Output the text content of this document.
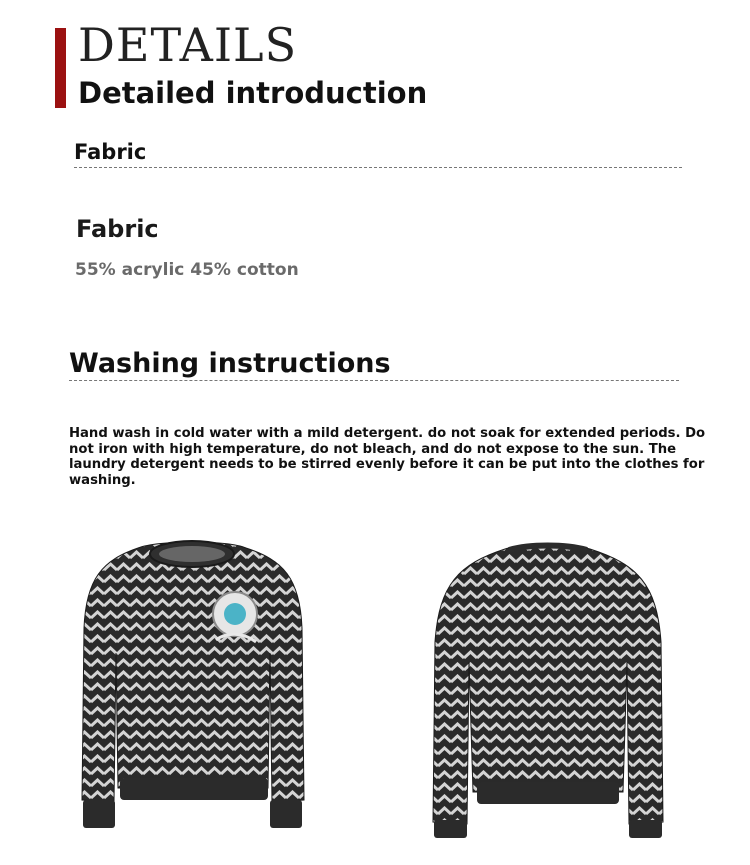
DETAILS
Detailed introduction
Fabric
Fabric
55% acrylic 45% cotton
Washing instructions

Hand wash in cold water with a mild detergent. do not soak for extended periods. Do not iron with high temperature, do not bleach, and do not expose to the sun. The laundry detergent needs to be stirred evenly before it can be put into the clothes for washing.
